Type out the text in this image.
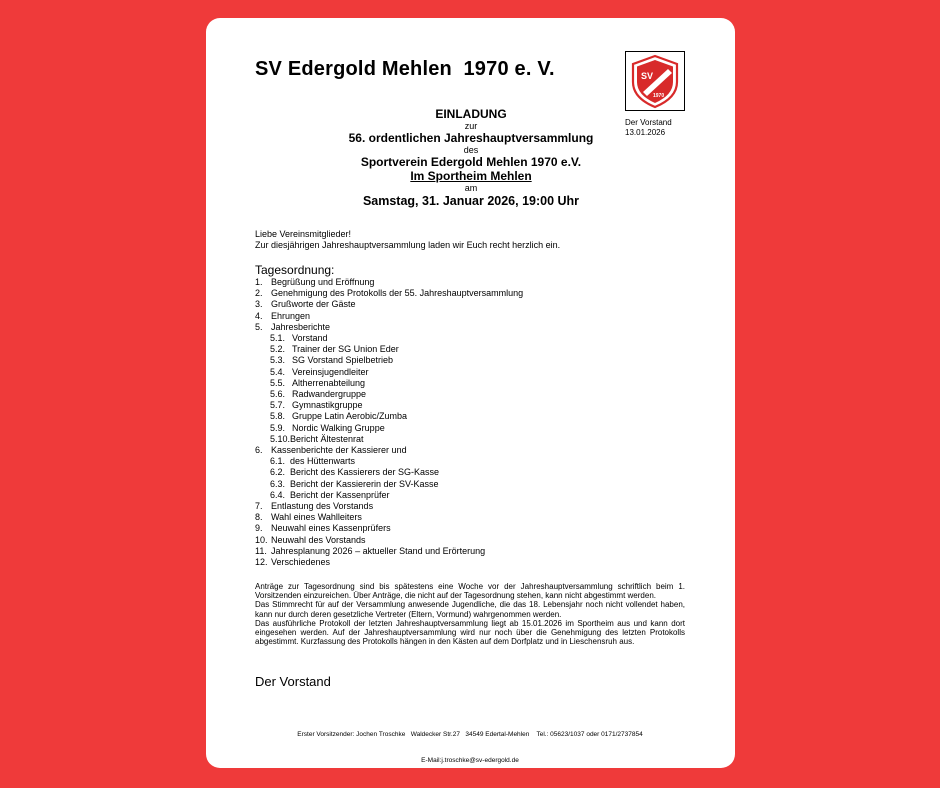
SV Edergold Mehlen  1970 e. V.	SV
1970
Der Vorstand
13.01.2026
EINLADUNG
zur
56. ordentlichen Jahreshauptversammlung
des
Sportverein Edergold Mehlen 1970 e.V.
Im Sportheim Mehlen
am
Samstag, 31. Januar 2026, 19:00 Uhr
Liebe Vereinsmitglieder!
Zur diesjährigen Jahreshauptversammlung laden wir Euch recht herzlich ein.
Tagesordnung:
1. Begrüßung und Eröffnung
2. Genehmigung des Protokolls der 55. Jahreshauptversammlung
3. Grußworte der Gäste
4. Ehrungen
5. Jahresberichte
5.1. Vorstand
5.2. Trainer der SG Union Eder
5.3. SG Vorstand Spielbetrieb
5.4. Vereinsjugendleiter
5.5. Altherrenabteilung
5.6. Radwandergruppe
5.7. Gymnastikgruppe
5.8. Gruppe Latin Aerobic/Zumba
5.9. Nordic Walking Gruppe
5.10.Bericht Ältestenrat
6. Kassenberichte der Kassierer und
6.1. des Hüttenwarts
6.2. Bericht des Kassierers der SG-Kasse
6.3. Bericht der Kassiererin der SV-Kasse
6.4. Bericht der Kassenprüfer
7. Entlastung des Vorstands
8. Wahl eines Wahlleiters
9. Neuwahl eines Kassenprüfers
10. Neuwahl des Vorstands
11. Jahresplanung 2026 – aktueller Stand und Erörterung
12. Verschiedenes

Anträge zur Tagesordnung sind bis spätestens eine Woche vor der Jahreshauptversammlung schriftlich beim 1. Vorsitzenden einzureichen. Über Anträge, die nicht auf der Tagesordnung stehen, kann nicht abgestimmt werden.

Das Stimmrecht für auf der Versammlung anwesende Jugendliche, die das 18. Lebensjahr noch nicht vollendet haben, kann nur durch deren gesetzliche Vertreter (Eltern, Vormund) wahrgenommen werden.

Das ausführliche Protokoll der letzten Jahreshauptversammlung liegt ab 15.01.2026 im Sportheim aus und kann dort eingesehen werden. Auf der Jahreshauptversammlung wird nur noch über die Genehmigung des letzten Protokolls abgestimmt. Kurzfassung des Protokolls hängen in den Kästen auf dem Dorfplatz und in Lieschensruh aus.

Der Vorstand

Erster Vorsitzender: Jochen Troschke   Waldecker Str.27   34549 Edertal-Mehlen    Tel.: 05623/1037 oder 0171/2737854

E-Mail:j.troschke@sv-edergold.de
